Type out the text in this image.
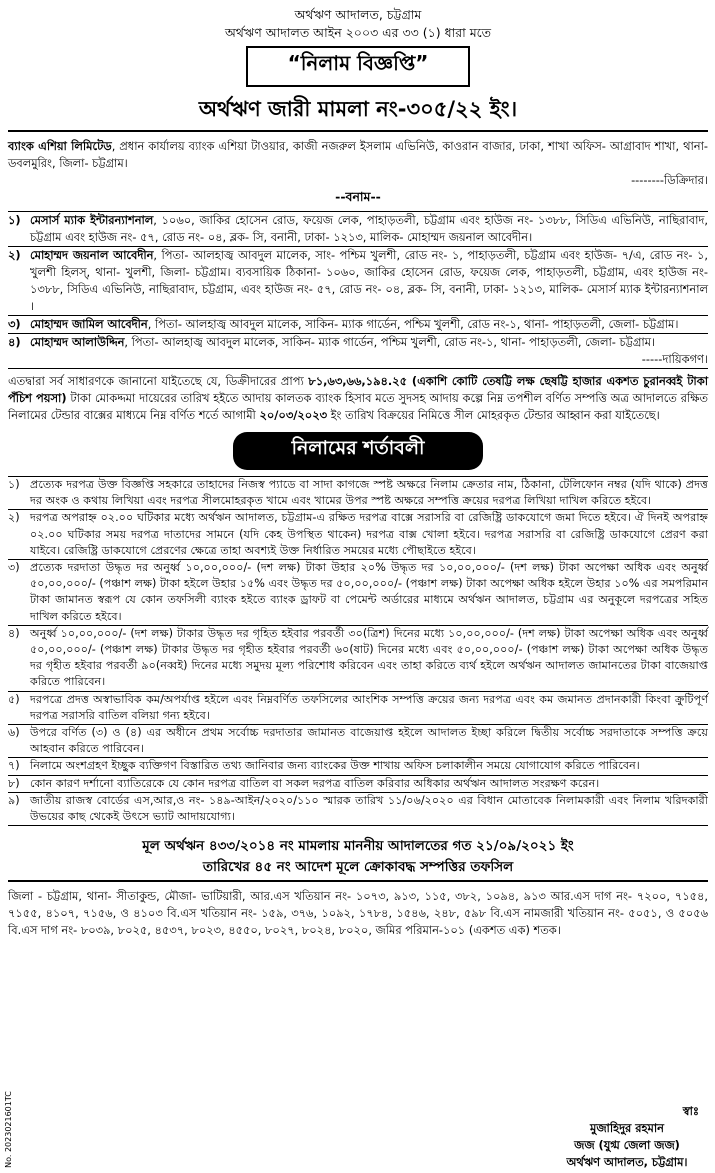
অর্থঋণ আদালত, চট্টগ্রাম
অর্থঋণ আদালত আইন ২০০৩ এর ৩৩ (১) ধারা মতে
“নিলাম বিজ্ঞপ্তি”
অর্থঋণ জারী মামলা নং-৩০৫/২২ ইং।
ব্যাংক এশিয়া লিমিটেড, প্রধান কার্যালয় ব্যাংক এশিয়া টাওয়ার, কাজী নজরুল ইসলাম এভিনিউ, কাওরান বাজার, ঢাকা, শাখা অফিস- আগ্রাবাদ শাখা, থানা- ডবলমুরিং, জিলা- চট্টগ্রাম।
--------ডিক্রিদার।
--বনাম--
১) মেসার্স ম্যাক ইন্টারন্যাশনাল, ১০৬০, জাকির হোসেন রোড, ফয়েজ লেক, পাহাড়তলী, চট্টগ্রাম এবং হাউজ নং- ১৩৮৮, সিডিএ এভিনিউ, নাছিরাবাদ, চট্টগ্রাম এবং হাউজ নং- ৫৭, রোড নং- ০৪, ব্লক- সি, বনানী, ঢাকা- ১২১৩, মালিক- মোহাম্মদ জয়নাল আবেদীন।
২) মোহাম্মদ জয়নাল আবেদীন, পিতা- আলহাজ্ব আবদুল মালেক, সাং- পশ্চিম খুলশী, রোড নং- ১, পাহাড়তলী, চট্টগ্রাম এবং হাউজ- ৭/এ, রোড নং- ১, খুলশী হিলস্, থানা- খুলশী, জিলা- চট্টগ্রাম। ব্যবসায়িক ঠিকানা- ১০৬০, জাকির হোসেন রোড, ফয়েজ লেক, পাহাড়তলী, চট্টগ্রাম, এবং হাউজ নং- ১৩৮৮, সিডিএ এভিনিউ, নাছিরাবাদ, চট্টগ্রাম, এবং হাউজ নং- ৫৭, রোড নং- ০৪, ব্লক- সি, বনানী, ঢাকা- ১২১৩, মালিক- মেসার্স ম্যাক ইন্টারন্যাশনাল ।
৩) মোহাম্মদ জামিল আবেদীন, পিতা- আলহাজ্ব আবদুল মালেক, সাকিন- ম্যাক গার্ডেন, পশ্চিম খুলশী, রোড নং-১, থানা- পাহাড়তলী, জেলা- চট্টগ্রাম।
৪) মোহাম্মদ আলাউদ্দিন, পিতা- আলহাজ্ব আবদুল মালেক, সাকিন- ম্যাক গার্ডেন, পশ্চিম খুলশী, রোড নং-১, থানা- পাহাড়তলী, জেলা- চট্টগ্রাম।
-----দায়িকগণ।
এতদ্বারা সর্ব সাধারণকে জানানো যাইতেছে যে, ডিক্রীদারের প্রাপ্য ৮১,৬৩,৬৬,১৯৪.২৫ (একাশি কোটি তেষট্টি লক্ষ ছেষট্টি হাজার একশত চুরানব্বই টাকা পঁচিশ পয়সা) টাকা মোকদ্দমা দায়েরের তারিখ হইতে আদায় কালতক ব্যাংক হিসাব মতে সুদসহ আদায় কল্পে নিম্ন তপশীল বর্ণিত সম্পত্তি অত্র আদালতে রক্ষিত নিলামের টেন্ডার বাক্সের মাধ্যমে নিম্ন বর্ণিত শর্তে আগামী ২০/০৩/২০২৩ ইং তারিখ বিক্রয়ের নিমিত্তে সীল মোহরকৃত টেন্ডার আহ্বান করা যাইতেছে।
নিলামের শর্তাবলী
১) প্রত্যেক দরপত্র উক্ত বিজ্ঞপ্তি সহকারে তাহাদের নিজস্ব প্যাডে বা সাদা কাগজে স্পষ্ট অক্ষরে নিলাম ক্রেতার নাম, ঠিকানা, টেলিফোন নম্বর (যদি থাকে) প্রদত্ত দর অংক ও কথায় লিখিয়া এবং দরপত্র সীলমোহরকৃত খামে এবং খামের উপর স্পষ্ট অক্ষরে সম্পত্তি ক্রয়ের দরপত্র লিখিয়া দাখিল করিতে হইবে।
২) দরপত্র অপরাহ্ন ০২.০০ ঘটিকার মধ্যে অর্থঋন আদালত, চট্টগ্রাম-এ রক্ষিত দরপত্র বাক্সে সরাসরি বা রেজিষ্ট্রি ডাকযোগে জমা দিতে হইবে। ঐ দিনই অপরাহ্ন ০২.০০ ঘটিকার সময় দরপত্র দাতাদের সামনে (যদি কেহ উপস্থিত থাকেন) দরপত্র বাক্স খোলা হইবে। দরপত্র সরাসরি বা রেজিষ্ট্রি ডাকযোগে প্রেরণ করা যাইবে। রেজিষ্ট্রি ডাকযোগে প্রেরণের ক্ষেত্রে তাহা অবশ্যই উক্ত নির্ধারিত সময়ের মধ্যে পৌছাইতে হইবে।
৩) প্রত্যেক দরদাতা উদ্ধৃত দর অনুর্ধ্ব ১০,০০,০০০/- (দশ লক্ষ) টাকা উহার ২০% উদ্ধৃত দর ১০,০০,০০০/- (দশ লক্ষ) টাকা অপেক্ষা অধিক এবং অনুর্ধ্ব ৫০,০০,০০০/- (পঞ্চাশ লক্ষ) টাকা হইলে উহার ১৫% এবং উদ্ধৃত দর ৫০,০০,০০০/- (পঞ্চাশ লক্ষ) টাকা অপেক্ষা অধিক হইলে উহার ১০% এর সমপরিমান টাকা জামানত স্বরূপ যে কোন তফসিলী ব্যাংক হইতে ব্যাংক ড্রাফট বা পেমেন্ট অর্ডারের মাধ্যমে অর্থঋন আদালত, চট্টগ্রাম এর অনুকূলে দরপত্রের সহিত দাখিল করিতে হইবে।
৪) অনুর্ধ্ব ১০,০০,০০০/- (দশ লক্ষ) টাকার উদ্ধৃত দর গৃহিত হইবার পরবর্তী ৩০(ত্রিশ) দিনের মধ্যে ১০,০০,০০০/- (দশ লক্ষ) টাকা অপেক্ষা অধিক এবং অনুর্ধ্ব ৫০,০০,০০০/- (পঞ্চাশ লক্ষ) টাকার উদ্ধৃত দর গৃহীত হইবার পরবর্তী ৬০(ষাট) দিনের মধ্যে এবং ৫০,০০,০০০/- (পঞ্চাশ লক্ষ) টাকা অপেক্ষা অধিক উদ্ধৃত দর গৃহীত হইবার পরবর্তী ৯০(নব্বই) দিনের মধ্যে সমুদয় মূল্য পরিশোধ করিবেন এবং তাহা করিতে ব্যর্থ হইলে অর্থঋন আদালত জামানতের টাকা বাজেয়াপ্ত করিতে পারিবেন।
৫) দরপত্রে প্রদত্ত অস্বাভাবিক কম/অপর্যাপ্ত হইলে এবং নিম্নবর্ণিত তফসিলের আংশিক সম্পত্তি ক্রয়ের জন্য দরপত্র এবং কম জমানত প্রদানকারী কিংবা ক্রুটিপূর্ণ দরপত্র সরাসরি বাতিল বলিয়া গন্য হইবে।
৬) উপরে বর্ণিত (৩) ও (৪) এর অধীনে প্রথম সর্বোচ্চ দরদাতার জামানত বাজেয়াপ্ত হইলে আদালত ইচ্ছা করিলে দ্বিতীয় সর্বোচ্চ সরদাতাকে সম্পত্তি ক্রয়ে আহবান করিতে পারিবেন।
৭) নিলামে অংশগ্রহণ ইচ্ছুক ব্যক্তিগণ বিস্তারিত তথ্য জানিবার জন্য ব্যাংকের উক্ত শাখায় অফিস চলাকালীন সময়ে যোগাযোগ করিতে পারিবেন।
৮) কোন কারণ দর্শানো ব্যাতিরেকে যে কোন দরপত্র বাতিল বা সকল দরপত্র বাতিল করিবার অধিকার অর্থঋন আদালত সংরক্ষণ করেন।
৯) জাতীয় রাজস্ব বোর্ডের এস,আর,ও নং- ১৪৯-আইন/২০২০/১১০ স্মারক তারিখ ১১/০৬/২০২০ এর বিধান মোতাবেক নিলামকারী এবং নিলাম খরিদকারী উভয়ের কাছ থেকেই উৎসে ভ্যাট আদায়যোগ্য।
মূল অর্থঋন ৪৩৩/২০১৪ নং মামলায় মাননীয় আদালতের গত ২১/০৯/২০২১ ইং
তারিখের ৪৫ নং আদেশ মূলে ক্রোকাবদ্ধ সম্পত্তির তফসিল
জিলা - চট্টগ্রাম, থানা- সীতাকুন্ড, মৌজা- ভাটিয়ারী, আর.এস খতিয়ান নং- ১০৭৩, ৯১৩, ১১৫, ৩৮২, ১০৯৪, ৯১৩ আর.এস দাগ নং- ৭২০০, ৭১৫৪, ৭১৫৫, ৪১০৭, ৭১৫৬, ও ৪১০৩ বি.এস খতিয়ান নং- ১৫৯, ৩৭৬, ১০৯২, ১৭৮৪, ১৫৪৬, ২৪৮, ৫৯৮ বি.এস নামজারী খতিয়ান নং- ৫০৫১, ও ৫০৫৬ বি.এস দাগ নং- ৮০৩৯, ৮০২৫, ৪৫৩৭, ৮০২৩, ৪৫৫০, ৮০২৭, ৮০২৪, ৮০২০, জমির পরিমান-১০১ (একশত এক) শতক।
স্বাঃ
মুজাহিদুর রহমান
জজ (যুগ্ম জেলা জজ)
অর্থঋণ আদালত, চট্টগ্রাম।
No. 2023021601TC
